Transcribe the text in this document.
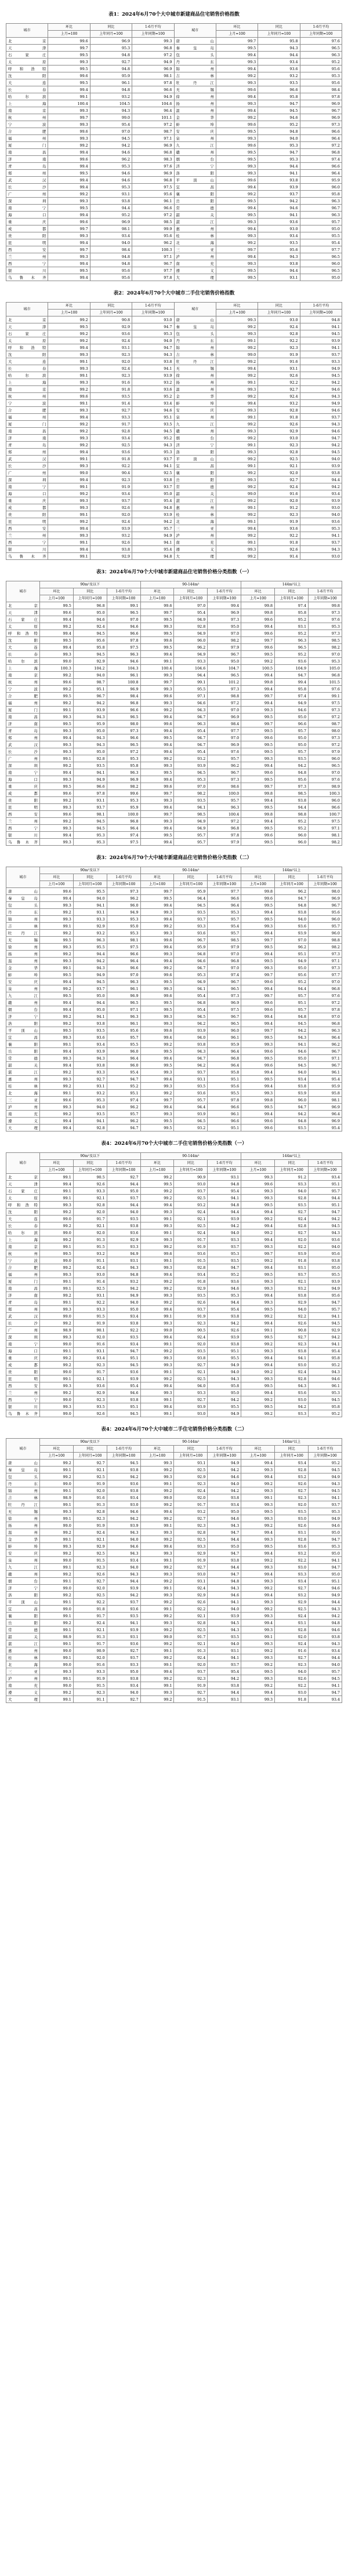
表1：2024年6月70个大中城市新建商品住宅销售价格指数
城市	环比	同比	1-6月平均	城市	环比	同比	1-6月平均
	上月=100	上年同月=100	上年同期=100		上月=100	上年同月=100	上年同期=100
北京	99.6	96.9	99.3	唐山	99.7	95.8	97.6
天津	99.7	95.3	96.8	秦皇岛	99.5	94.3	96.5
石家庄	99.5	94.8	97.2	包头	99.4	94.4	96.3
太原	99.3	92.7	94.9	丹东	99.3	93.4	95.2
呼和浩特	99.5	94.8	96.9	锦州	99.4	93.6	95.6
沈阳	99.6	95.9	98.1	吉林	99.2	93.2	95.3
大连	99.5	96.1	97.8	牡丹江	99.3	93.5	95.6
长春	99.4	94.8	96.6	无锡	99.6	96.6	98.4
哈尔滨	99.1	93.2	94.9	徐州	99.4	95.8	97.8
上海	100.4	104.5	104.6	扬州	99.3	94.7	96.9
南京	99.3	94.3	96.4	温州	99.4	94.5	96.7
杭州	99.7	99.0	101.1	金华	99.2	94.6	96.9
宁波	99.3	95.4	97.2	蚌埠	99.6	95.2	97.3
合肥	99.6	97.0	98.7	安庆	99.5	94.8	96.6
福州	99.3	94.5	97.1	泉州	99.3	94.0	96.4
厦门	99.2	94.2	96.9	九江	99.6	95.3	97.2
南昌	99.4	94.6	96.8	赣州	99.5	94.7	96.8
济南	99.6	96.2	98.3	烟台	99.5	95.3	97.4
青岛	99.4	95.3	97.6	济宁	99.3	94.4	96.6
郑州	99.5	94.6	96.9	洛阳	99.3	94.1	96.4
武汉	99.4	94.6	96.8	平顶山	99.6	93.8	95.9
长沙	99.4	95.3	97.5	宜昌	99.4	93.9	96.0
广州	99.2	93.1	95.6	襄阳	99.2	93.7	95.8
深圳	99.3	93.8	96.1	岳阳	99.5	94.2	96.3
南宁	99.5	94.4	96.6	常德	99.4	94.6	96.7
海口	99.4	95.2	97.2	韶关	99.5	94.1	96.3
重庆	99.6	96.9	98.5	湛江	99.3	93.6	95.7
成都	99.7	98.1	99.9	惠州	99.4	93.0	95.0
贵阳	99.3	93.4	95.6	桂林	99.3	93.4	95.5
昆明	99.4	94.0	96.2	北海	99.2	93.5	95.4
西安	99.7	98.4	100.3	三亚	99.7	95.6	97.7
兰州	99.3	94.8	97.1	泸州	99.4	94.3	96.5
西宁	99.4	94.8	96.7	南充	99.3	93.8	96.0
银川	99.5	95.6	97.7	遵义	99.5	94.4	96.5
乌鲁木齐	99.4	95.6	97.8	大理	99.5	93.1	95.0
表2：2024年6月70个大中城市二手住宅销售价格指数
城市	环比	同比	1-6月平均	城市	环比	同比	1-6月平均
	上月=100	上年同月=100	上年同期=100		上月=100	上年同月=100	上年同期=100
北京	99.2	90.8	93.0	唐山	99.3	93.0	94.8
天津	99.5	92.9	94.7	秦皇岛	99.2	92.4	94.1
石家庄	99.2	93.6	95.3	包头	99.3	92.8	94.5
太原	99.2	92.4	94.0	丹东	99.1	92.2	93.9
呼和浩特	99.4	93.1	94.7	锦州	99.2	92.3	94.1
沈阳	99.3	92.3	94.3	吉林	99.0	91.9	93.7
大连	99.1	92.0	93.8	牡丹江	99.2	91.6	93.3
长春	99.3	92.4	94.1	无锡	99.4	93.1	94.9
哈尔滨	99.1	92.3	93.9	徐州	99.2	92.6	94.5
上海	99.3	91.6	93.2	扬州	99.1	92.2	94.2
南京	99.2	91.8	93.6	温州	99.3	92.7	94.6
杭州	99.6	93.5	95.2	金华	99.2	92.4	94.3
宁波	99.1	91.4	93.4	蚌埠	99.4	93.2	94.9
合肥	99.3	92.7	94.6	安庆	99.3	92.8	94.6
福州	99.4	93.3	95.1	泉州	99.1	91.8	93.7
厦门	99.2	91.7	93.5	九江	99.2	92.6	94.3
南昌	99.2	92.8	94.5	赣州	99.3	92.9	94.6
济南	99.3	93.4	95.2	烟台	99.2	93.0	94.7
青岛	99.2	92.5	94.3	济宁	99.1	92.3	94.2
郑州	99.4	93.6	95.3	洛阳	99.3	92.8	94.5
武汉	99.1	91.8	93.7	平顶山	99.2	92.5	94.0
长沙	99.3	92.2	94.1	宜昌	99.1	92.1	93.9
广州	99.0	90.4	92.5	襄阳	99.2	92.0	93.8
深圳	99.4	92.3	93.8	岳阳	99.3	92.7	94.4
南宁	99.1	91.9	93.7	常德	99.2	92.4	94.2
海口	99.2	93.4	95.0	韶关	99.0	91.6	93.4
重庆	99.3	93.7	95.4	湛江	99.2	92.0	93.9
成都	99.3	92.6	94.8	惠州	99.1	91.2	93.0
贵阳	99.1	92.0	93.9	桂林	99.2	92.3	94.0
昆明	99.2	92.4	94.2	北海	99.1	91.9	93.6
西安	99.4	93.9	95.7	三亚	99.4	93.6	95.3
兰州	99.3	93.2	94.9	泸州	99.2	92.2	94.1
西宁	99.1	92.6	94.1	南充	99.1	91.8	93.7
银川	99.4	93.8	95.4	遵义	99.3	92.6	94.3
乌鲁木齐	99.1	92.9	94.8	大理	99.2	91.4	93.0
表3：2024年6月70个大中城市新建商品住宅销售价格分类指数（一）
城市	90m²及以下			90-144m²			144m²以上		
	环比	同比	1-6月平均	环比	同比	1-6月平均	环比	同比	1-6月平均
	上月=100	上年同月=100	上年同期=100	上月=100	上年同月=100	上年同期=100	上月=100	上年同月=100	上年同期=100
北京	99.5	96.8	99.1	99.6	97.0	99.4	99.8	97.4	99.8
天津	99.6	95.0	96.5	99.7	95.4	96.9	99.8	95.8	97.3
石家庄	99.4	94.6	97.0	99.5	94.9	97.3	99.6	95.2	97.6
太原	99.2	92.4	94.6	99.3	92.8	95.0	99.4	93.1	95.3
呼和浩特	99.4	94.5	96.6	99.5	94.9	97.0	99.6	95.2	97.3
沈阳	99.5	95.6	97.8	99.6	96.0	98.2	99.7	96.3	98.5
大连	99.4	95.8	97.5	99.5	96.2	97.9	99.6	96.5	98.2
长春	99.3	94.5	96.3	99.4	94.9	96.7	99.5	95.2	97.0
哈尔滨	99.0	92.9	94.6	99.1	93.3	95.0	99.2	93.6	95.3
上海	100.3	104.2	104.3	100.4	104.6	104.7	100.5	104.9	105.0
南京	99.2	94.0	96.1	99.3	94.4	96.5	99.4	94.7	96.8
杭州	99.6	98.7	100.8	99.7	99.1	101.2	99.8	99.4	101.5
宁波	99.2	95.1	96.9	99.3	95.5	97.3	99.4	95.8	97.6
合肥	99.5	96.7	98.4	99.6	97.1	98.8	99.7	97.4	99.1
福州	99.2	94.2	96.8	99.3	94.6	97.2	99.4	94.9	97.5
厦门	99.1	93.9	96.6	99.2	94.3	97.0	99.3	94.6	97.3
南昌	99.3	94.3	96.5	99.4	94.7	96.9	99.5	95.0	97.2
济南	99.5	95.9	98.0	99.6	96.3	98.4	99.7	96.6	98.7
青岛	99.3	95.0	97.3	99.4	95.4	97.7	99.5	95.7	98.0
郑州	99.4	94.3	96.6	99.5	94.7	97.0	99.6	95.0	97.3
武汉	99.3	94.3	96.5	99.4	94.7	96.9	99.5	95.0	97.2
长沙	99.3	95.0	97.2	99.4	95.4	97.6	99.5	95.7	97.9
广州	99.1	92.8	95.3	99.2	93.2	95.7	99.3	93.5	96.0
深圳	99.2	93.5	95.8	99.3	93.9	96.2	99.4	94.2	96.5
南宁	99.4	94.1	96.3	99.5	94.5	96.7	99.6	94.8	97.0
海口	99.3	94.9	96.9	99.4	95.3	97.3	99.5	95.6	97.6
重庆	99.5	96.6	98.2	99.6	97.0	98.6	99.7	97.3	98.9
成都	99.6	97.8	99.6	99.7	98.2	100.0	99.8	98.5	100.3
贵阳	99.2	93.1	95.3	99.3	93.5	95.7	99.4	93.8	96.0
昆明	99.3	93.7	95.9	99.4	94.1	96.3	99.5	94.4	96.6
西安	99.6	98.1	100.0	99.7	98.5	100.4	99.8	98.8	100.7
兰州	99.2	94.5	96.8	99.3	94.9	97.2	99.4	95.2	97.5
西宁	99.3	94.5	96.4	99.4	94.9	96.8	99.5	95.2	97.1
银川	99.4	95.3	97.4	99.5	95.7	97.8	99.6	96.0	98.1
乌鲁木齐	99.3	95.3	97.5	99.4	95.7	97.9	99.5	96.0	98.2
表3：2024年6月70个大中城市新建商品住宅销售价格分类指数（二）
城市	90m²及以下			90-144m²			144m²以上		
	环比	同比	1-6月平均	环比	同比	1-6月平均	环比	同比	1-6月平均
	上月=100	上年同月=100	上年同期=100	上月=100	上年同月=100	上年同期=100	上月=100	上年同月=100	上年同期=100
唐山	99.6	95.5	97.3	99.7	95.9	97.7	99.8	96.2	98.0
秦皇岛	99.4	94.0	96.2	99.5	94.4	96.6	99.6	94.7	96.9
包头	99.3	94.1	96.0	99.4	94.5	96.4	99.5	94.8	96.7
丹东	99.2	93.1	94.9	99.3	93.5	95.3	99.4	93.8	95.6
锦州	99.3	93.3	95.3	99.4	93.7	95.7	99.5	94.0	96.0
吉林	99.1	92.9	95.0	99.2	93.3	95.4	99.3	93.6	95.7
牡丹江	99.2	93.2	95.3	99.3	93.6	95.7	99.4	93.9	96.0
无锡	99.5	96.3	98.1	99.6	96.7	98.5	99.7	97.0	98.8
徐州	99.3	95.5	97.5	99.4	95.9	97.9	99.5	96.2	98.2
扬州	99.2	94.4	96.6	99.3	94.8	97.0	99.4	95.1	97.3
温州	99.3	94.2	96.4	99.4	94.6	96.8	99.5	94.9	97.1
金华	99.1	94.3	96.6	99.2	94.7	97.0	99.3	95.0	97.3
蚌埠	99.5	94.9	97.0	99.6	95.3	97.4	99.7	95.6	97.7
安庆	99.4	94.5	96.3	99.5	94.9	96.7	99.6	95.2	97.0
泉州	99.2	93.7	96.1	99.3	94.1	96.5	99.4	94.4	96.8
九江	99.5	95.0	96.9	99.6	95.4	97.3	99.7	95.7	97.6
赣州	99.4	94.4	96.5	99.5	94.8	96.9	99.6	95.1	97.2
烟台	99.4	95.0	97.1	99.5	95.4	97.5	99.6	95.7	97.8
济宁	99.2	94.1	96.3	99.3	94.5	96.7	99.4	94.8	97.0
洛阳	99.2	93.8	96.1	99.3	94.2	96.5	99.4	94.5	96.8
平顶山	99.5	93.5	95.6	99.6	93.9	96.0	99.7	94.2	96.3
宜昌	99.3	93.6	95.7	99.4	94.0	96.1	99.5	94.3	96.4
襄阳	99.1	93.4	95.5	99.2	93.8	95.9	99.3	94.1	96.2
岳阳	99.4	93.9	96.0	99.5	94.3	96.4	99.6	94.6	96.7
常德	99.3	94.3	96.4	99.4	94.7	96.8	99.5	95.0	97.1
韶关	99.4	93.8	96.0	99.5	94.2	96.4	99.6	94.5	96.7
湛江	99.2	93.3	95.4	99.3	93.7	95.8	99.4	94.0	96.1
惠州	99.3	92.7	94.7	99.4	93.1	95.1	99.5	93.4	95.4
桂林	99.2	93.1	95.2	99.3	93.5	95.6	99.4	93.8	95.9
北海	99.1	93.2	95.1	99.2	93.6	95.5	99.3	93.9	95.8
三亚	99.6	95.3	97.4	99.7	95.7	97.8	99.8	96.0	98.1
泸州	99.3	94.0	96.2	99.4	94.4	96.6	99.5	94.7	96.9
南充	99.2	93.5	95.7	99.3	93.9	96.1	99.4	94.2	96.4
遵义	99.4	94.1	96.2	99.5	94.5	96.6	99.6	94.8	96.9
大理	99.4	92.8	94.7	99.5	93.2	95.1	99.6	93.5	95.4
表4：2024年6月70个大中城市二手住宅销售价格分类指数（一）
城市	90m²及以下			90-144m²			144m²以上		
	环比	同比	1-6月平均	环比	同比	1-6月平均	环比	同比	1-6月平均
	上月=100	上年同月=100	上年同期=100	上月=100	上年同月=100	上年同期=100	上月=100	上年同月=100	上年同期=100
北京	99.1	90.5	92.7	99.2	90.9	93.1	99.3	91.2	93.4
天津	99.4	92.6	94.4	99.5	93.0	94.8	99.6	93.3	95.1
石家庄	99.1	93.3	95.0	99.2	93.7	95.4	99.3	94.0	95.7
太原	99.1	92.1	93.7	99.2	92.5	94.1	99.3	92.8	94.4
呼和浩特	99.3	92.8	94.4	99.4	93.2	94.8	99.5	93.5	95.1
沈阳	99.2	92.0	94.0	99.3	92.4	94.4	99.4	92.7	94.7
大连	99.0	91.7	93.5	99.1	92.1	93.9	99.2	92.4	94.2
长春	99.2	92.1	93.8	99.3	92.5	94.2	99.4	92.8	94.5
哈尔滨	99.0	92.0	93.6	99.1	92.4	94.0	99.2	92.7	94.3
上海	99.2	91.3	92.9	99.3	91.7	93.3	99.4	92.0	93.6
南京	99.1	91.5	93.3	99.2	91.9	93.7	99.3	92.2	94.0
杭州	99.5	93.2	94.9	99.6	93.6	95.3	99.7	93.9	95.6
宁波	99.0	91.1	93.1	99.1	91.5	93.5	99.2	91.8	93.8
合肥	99.2	92.4	94.3	99.3	92.8	94.7	99.4	93.1	95.0
福州	99.3	93.0	94.8	99.4	93.4	95.2	99.5	93.7	95.5
厦门	99.1	91.4	93.2	99.2	91.8	93.6	99.3	92.1	93.9
南昌	99.1	92.5	94.2	99.2	92.9	94.6	99.3	93.2	94.9
济南	99.2	93.1	94.9	99.3	93.5	95.3	99.4	93.8	95.6
青岛	99.1	92.2	94.0	99.2	92.6	94.4	99.3	92.9	94.7
郑州	99.3	93.3	95.0	99.4	93.7	95.4	99.5	94.0	95.7
武汉	99.0	91.5	93.4	99.1	91.9	93.8	99.2	92.2	94.1
长沙	99.2	91.9	93.8	99.3	92.3	94.2	99.4	92.6	94.5
广州	98.9	90.1	92.2	99.0	90.5	92.6	99.1	90.8	92.9
深圳	99.3	92.0	93.5	99.4	92.4	93.9	99.5	92.7	94.2
南宁	99.0	91.6	93.4	99.1	92.0	93.8	99.2	92.3	94.1
海口	99.1	93.1	94.7	99.2	93.5	95.1	99.3	93.8	95.4
重庆	99.2	93.4	95.1	99.3	93.8	95.5	99.4	94.1	95.8
成都	99.2	92.3	94.5	99.3	92.7	94.9	99.4	93.0	95.2
贵阳	99.0	91.7	93.6	99.1	92.1	94.0	99.2	92.4	94.3
昆明	99.1	92.1	93.9	99.2	92.5	94.3	99.3	92.8	94.6
西安	99.3	93.6	95.4	99.4	94.0	95.8	99.5	94.3	96.1
兰州	99.2	92.9	94.6	99.3	93.3	95.0	99.4	93.6	95.3
西宁	99.0	92.3	93.8	99.1	92.7	94.2	99.2	93.0	94.5
银川	99.3	93.5	95.1	99.4	93.9	95.5	99.5	94.2	95.8
乌鲁木齐	99.0	92.6	94.5	99.1	93.0	94.9	99.2	93.3	95.2
表4：2024年6月70个大中城市二手住宅销售价格分类指数（二）
城市	90m²及以下			90-144m²			144m²以上		
	环比	同比	1-6月平均	环比	同比	1-6月平均	环比	同比	1-6月平均
	上月=100	上年同月=100	上年同期=100	上月=100	上年同月=100	上年同期=100	上月=100	上年同月=100	上年同期=100
唐山	99.2	92.7	94.5	99.3	93.1	94.9	99.4	93.4	95.2
秦皇岛	99.1	92.1	93.8	99.2	92.5	94.2	99.3	92.8	94.5
包头	99.2	92.5	94.2	99.3	92.9	94.6	99.4	93.2	94.9
丹东	99.0	91.9	93.6	99.1	92.3	94.0	99.2	92.6	94.3
锦州	99.1	92.0	93.8	99.2	92.4	94.2	99.3	92.7	94.5
吉林	98.9	91.6	93.4	99.0	92.0	93.8	99.1	92.3	94.1
牡丹江	99.1	91.3	93.0	99.2	91.7	93.4	99.3	92.0	93.7
无锡	99.3	92.8	94.6	99.4	93.2	95.0	99.5	93.5	95.3
徐州	99.1	92.3	94.2	99.2	92.7	94.6	99.3	93.0	94.9
扬州	99.0	91.9	93.9	99.1	92.3	94.3	99.2	92.6	94.6
温州	99.2	92.4	94.3	99.3	92.8	94.7	99.4	93.1	95.0
金华	99.1	92.1	94.0	99.2	92.5	94.4	99.3	92.8	94.7
蚌埠	99.3	92.9	94.6	99.4	93.3	95.0	99.5	93.6	95.3
安庆	99.2	92.5	94.3	99.3	92.9	94.7	99.4	93.2	95.0
泉州	99.0	91.5	93.4	99.1	91.9	93.8	99.2	92.2	94.1
九江	99.1	92.3	94.0	99.2	92.7	94.4	99.3	93.0	94.7
赣州	99.2	92.6	94.3	99.3	93.0	94.7	99.4	93.3	95.0
烟台	99.1	92.7	94.4	99.2	93.1	94.8	99.3	93.4	95.1
济宁	99.0	92.0	93.9	99.1	92.4	94.3	99.2	92.7	94.6
洛阳	99.2	92.5	94.2	99.3	92.9	94.6	99.4	93.2	94.9
平顶山	99.1	92.2	93.7	99.2	92.6	94.1	99.3	92.9	94.4
宜昌	99.0	91.8	93.6	99.1	92.2	94.0	99.2	92.5	94.3
襄阳	99.1	91.7	93.5	99.2	92.1	93.9	99.3	92.4	94.2
岳阳	99.2	92.4	94.1	99.3	92.8	94.5	99.4	93.1	94.8
常德	99.1	92.1	93.9	99.2	92.5	94.3	99.3	92.8	94.6
韶关	98.9	91.3	93.1	99.0	91.7	93.5	99.1	92.0	93.8
湛江	99.1	91.7	93.6	99.2	92.1	94.0	99.3	92.4	94.3
惠州	99.0	90.9	92.7	99.1	91.3	93.1	99.2	91.6	93.4
桂林	99.1	92.0	93.7	99.2	92.4	94.1	99.3	92.7	94.4
北海	99.0	91.6	93.3	99.1	92.0	93.7	99.2	92.3	94.0
三亚	99.3	93.3	95.0	99.4	93.7	95.4	99.5	94.0	95.7
泸州	99.1	91.9	93.8	99.2	92.3	94.2	99.3	92.6	94.5
南充	99.0	91.5	93.4	99.1	91.9	93.8	99.2	92.2	94.1
遵义	99.2	92.3	94.0	99.3	92.7	94.4	99.4	93.0	94.7
大理	99.1	91.1	92.7	99.2	91.5	93.1	99.3	91.8	93.4
